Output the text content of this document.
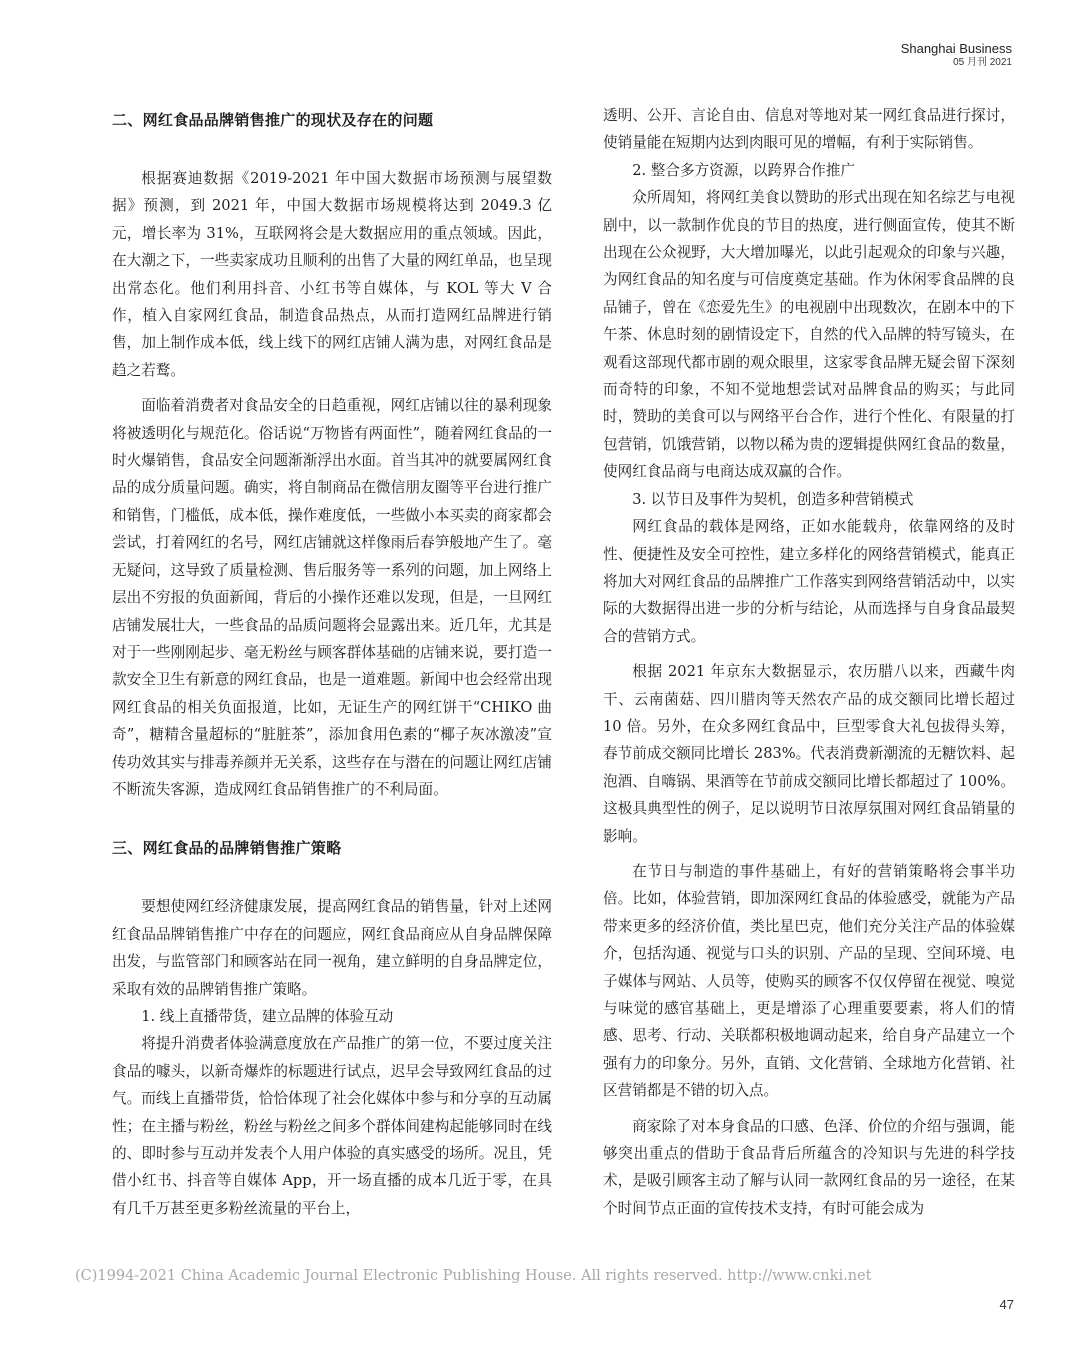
Shanghai Business
05 月刊 2021
二、网红食品品牌销售推广的现状及存在的问题

根据赛迪数据《2019-2021 年中国大数据市场预测与展望数据》预测，到 2021 年，中国大数据市场规模将达到 2049.3 亿元，增长率为 31%，互联网将会是大数据应用的重点领域。因此，在大潮之下，一些卖家成功且顺利的出售了大量的网红单品，也呈现出常态化。他们利用抖音、小红书等自媒体，与 KOL 等大 V 合作，植入自家网红食品，制造食品热点，从而打造网红品牌进行销售，加上制作成本低，线上线下的网红店铺人满为患，对网红食品是趋之若鹜。

面临着消费者对食品安全的日趋重视，网红店铺以往的暴利现象将被透明化与规范化。俗话说“万物皆有两面性”，随着网红食品的一时火爆销售，食品安全问题渐渐浮出水面。首当其冲的就要属网红食品的成分质量问题。确实，将自制商品在微信朋友圈等平台进行推广和销售，门槛低，成本低，操作难度低，一些做小本买卖的商家都会尝试，打着网红的名号，网红店铺就这样像雨后春笋般地产生了。毫无疑问，这导致了质量检测、售后服务等一系列的问题，加上网络上层出不穷报的负面新闻，背后的小操作还难以发现，但是，一旦网红店铺发展壮大，一些食品的品质问题将会显露出来。近几年，尤其是对于一些刚刚起步、毫无粉丝与顾客群体基础的店铺来说，要打造一款安全卫生有新意的网红食品，也是一道难题。新闻中也会经常出现网红食品的相关负面报道，比如，无证生产的网红饼干“CHIKO 曲奇”，糖精含量超标的“脏脏茶”，添加食用色素的“椰子灰冰激凌”宣传功效其实与排毒养颜并无关系，这些存在与潜在的问题让网红店铺不断流失客源，造成网红食品销售推广的不利局面。

三、网红食品的品牌销售推广策略

要想使网红经济健康发展，提高网红食品的销售量，针对上述网红食品品牌销售推广中存在的问题应，网红食品商应从自身品牌保障出发，与监管部门和顾客站在同一视角，建立鲜明的自身品牌定位，采取有效的品牌销售推广策略。

1. 线上直播带货，建立品牌的体验互动

将提升消费者体验满意度放在产品推广的第一位，不要过度关注食品的噱头，以新奇爆炸的标题进行试点，迟早会导致网红食品的过气。而线上直播带货，恰恰体现了社会化媒体中参与和分享的互动属性；在主播与粉丝，粉丝与粉丝之间多个群体间建构起能够同时在线的、即时参与互动并发表个人用户体验的真实感受的场所。况且，凭借小红书、抖音等自媒体 App，开一场直播的成本几近于零，在具有几千万甚至更多粉丝流量的平台上，

透明、公开、言论自由、信息对等地对某一网红食品进行探讨，使销量能在短期内达到肉眼可见的增幅，有利于实际销售。

2. 整合多方资源，以跨界合作推广

众所周知，将网红美食以赞助的形式出现在知名综艺与电视剧中，以一款制作优良的节目的热度，进行侧面宣传，使其不断出现在公众视野，大大增加曝光，以此引起观众的印象与兴趣，为网红食品的知名度与可信度奠定基础。作为休闲零食品牌的良品铺子，曾在《恋爱先生》的电视剧中出现数次，在剧本中的下午茶、休息时刻的剧情设定下，自然的代入品牌的特写镜头，在观看这部现代都市剧的观众眼里，这家零食品牌无疑会留下深刻而奇特的印象，不知不觉地想尝试对品牌食品的购买；与此同时，赞助的美食可以与网络平台合作，进行个性化、有限量的打包营销，饥饿营销，以物以稀为贵的逻辑提供网红食品的数量，使网红食品商与电商达成双赢的合作。

3. 以节日及事件为契机，创造多种营销模式

网红食品的载体是网络，正如水能载舟，依靠网络的及时性、便捷性及安全可控性，建立多样化的网络营销模式，能真正将加大对网红食品的品牌推广工作落实到网络营销活动中，以实际的大数据得出进一步的分析与结论，从而选择与自身食品最契合的营销方式。

根据 2021 年京东大数据显示，农历腊八以来，西藏牛肉干、云南菌菇、四川腊肉等天然农产品的成交额同比增长超过 10 倍。另外，在众多网红食品中，巨型零食大礼包拔得头筹，春节前成交额同比增长 283%。代表消费新潮流的无糖饮料、起泡酒、自嗨锅、果酒等在节前成交额同比增长都超过了 100%。这极具典型性的例子，足以说明节日浓厚氛围对网红食品销量的影响。

在节日与制造的事件基础上，有好的营销策略将会事半功倍。比如，体验营销，即加深网红食品的体验感受，就能为产品带来更多的经济价值，类比星巴克，他们充分关注产品的体验媒介，包括沟通、视觉与口头的识别、产品的呈现、空间环境、电子媒体与网站、人员等，使购买的顾客不仅仅停留在视觉、嗅觉与味觉的感官基础上，更是增添了心理重要要素，将人们的情感、思考、行动、关联都积极地调动起来，给自身产品建立一个强有力的印象分。另外，直销、文化营销、全球地方化营销、社区营销都是不错的切入点。

商家除了对本身食品的口感、色泽、价位的介绍与强调，能够突出重点的借助于食品背后所蕴含的冷知识与先进的科学技术，是吸引顾客主动了解与认同一款网红食品的另一途径，在某个时间节点正面的宣传技术支持，有时可能会成为

(C)1994-2021 China Academic Journal Electronic Publishing House. All rights reserved. http://www.cnki.net
47
